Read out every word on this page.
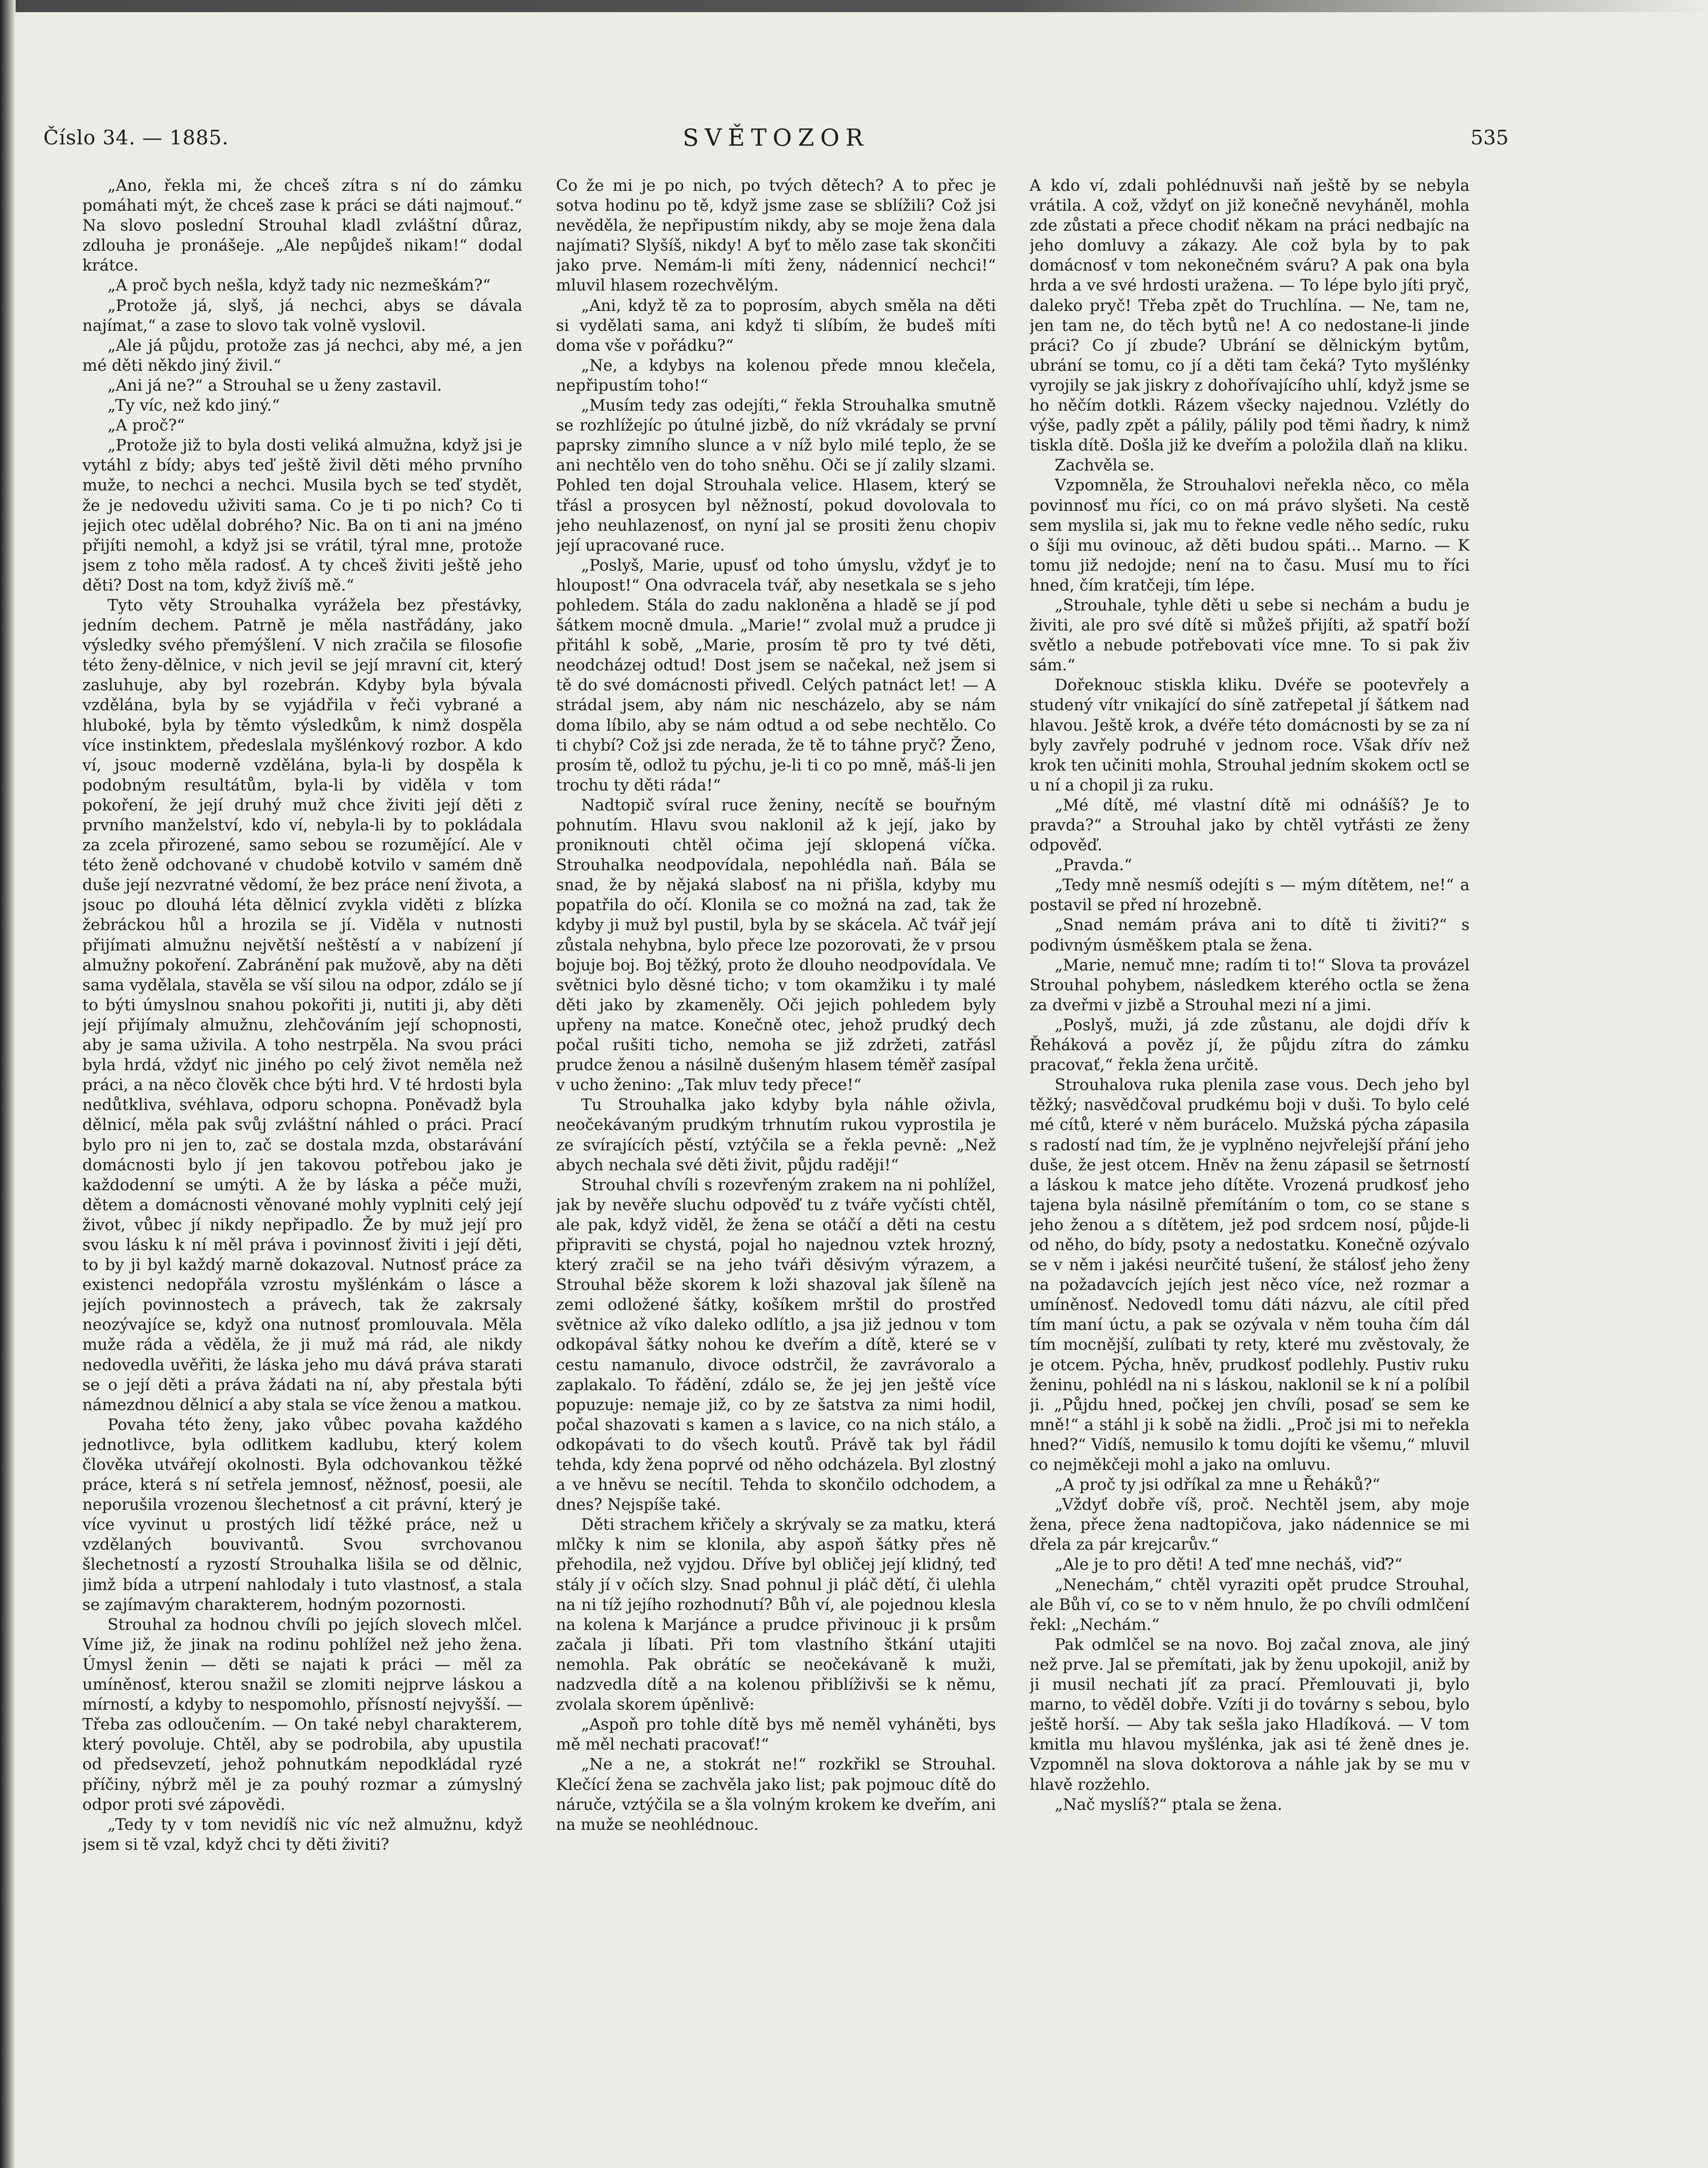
Číslo 34. — 1885.	SVĚTOZOR	535

„Ano, řekla mi, že chceš zítra s ní do zámku pomáhati mýt, že chceš zase k práci se dáti najmouť.“ Na slovo poslední Strouhal kladl zvláštní důraz, zdlouha je pronášeje. „Ale nepůjdeš nikam!“ dodal krátce.

„A proč bych nešla, když tady nic nezmeškám?“

„Protože já, slyš, já nechci, abys se dávala najímat,“ a zase to slovo tak volně vyslovil.

„Ale já půjdu, protože zas já nechci, aby mé, a jen mé děti někdo jiný živil.“

„Ani já ne?“ a Strouhal se u ženy zastavil.

„Ty víc, než kdo jiný.“

„A proč?“

„Protože již to byla dosti veliká almužna, když jsi je vytáhl z bídy; abys teď ještě živil děti mého prvního muže, to nechci a nechci. Musila bych se teď stydět, že je nedovedu uživiti sama. Co je ti po nich? Co ti jejich otec udělal dobrého? Nic. Ba on ti ani na jméno přijíti nemohl, a když jsi se vrátil, týral mne, protože jsem z toho měla radosť. A ty chceš živiti ještě jeho děti? Dost na tom, když živíš mě.“

Tyto věty Strouhalka vyrážela bez přestávky, jedním dechem. Patrně je měla nastřádány, jako výsledky svého přemýšlení. V nich zračila se filosofie této ženy-dělnice, v nich jevil se její mravní cit, který zasluhuje, aby byl rozebrán. Kdyby byla bývala vzdělána, byla by se vyjádřila v řeči vybrané a hluboké, byla by těmto výsledkům, k nimž dospěla více instinktem, předeslala myšlénkový rozbor. A kdo ví, jsouc moderně vzdělána, byla-li by dospěla k podobným resultátům, byla-li by viděla v tom pokoření, že její druhý muž chce živiti její děti z prvního manželství, kdo ví, nebyla-li by to pokládala za zcela přirozené, samo sebou se rozumějící. Ale v této ženě odchované v chudobě kotvilo v samém dně duše její nezvratné vědomí, že bez práce není života, a jsouc po dlouhá léta dělnicí zvykla viděti z blízka žebráckou hůl a hrozila se jí. Viděla v nutnosti přijímati almužnu největší neštěstí a v nabízení jí almužny pokoření. Zabránění pak mužově, aby na děti sama vydělala, stavěla se vší silou na odpor, zdálo se jí to býti úmyslnou snahou pokořiti ji, nutiti ji, aby děti její přijímaly almužnu, zlehčováním její schopnosti, aby je sama uživila. A toho nestrpěla. Na svou práci byla hrdá, vždyť nic jiného po celý život neměla než práci, a na něco člověk chce býti hrd. V té hrdosti byla nedůtkliva, svéhlava, odporu schopna. Poněvadž byla dělnicí, měla pak svůj zvláštní náhled o práci. Prací bylo pro ni jen to, zač se dostala mzda, obstarávání domácnosti bylo jí jen takovou potřebou jako je každodenní se umýti. A že by láska a péče muži, dětem a domácnosti věnované mohly vyplniti celý její život, vůbec jí nikdy nepřipadlo. Že by muž její pro svou lásku k ní měl práva i povinnosť živiti i její děti, to by ji byl každý marně dokazoval. Nutnosť práce za existenci nedopřála vzrostu myšlénkám o lásce a jejích povinnostech a právech, tak že zakrsaly neozývajíce se, když ona nutnosť promlouvala. Měla muže ráda a věděla, že ji muž má rád, ale nikdy nedovedla uvěřiti, že láska jeho mu dává práva starati se o její děti a práva žádati na ní, aby přestala býti námezdnou dělnicí a aby stala se více ženou a matkou.

Povaha této ženy, jako vůbec povaha každého jednotlivce, byla odlitkem kadlubu, který kolem člověka utvářejí okolnosti. Byla odchovankou těžké práce, která s ní setřela jemnosť, něžnosť, poesii, ale neporušila vrozenou šlechetnosť a cit právní, který je více vyvinut u prostých lidí těžké práce, než u vzdělaných bouvivantů. Svou svrchovanou šlechetností a ryzostí Strouhalka lišila se od dělnic, jimž bída a utrpení nahlodaly i tuto vlastnosť, a stala se zajímavým charakterem, hodným pozornosti.

Strouhal za hodnou chvíli po jejích slovech mlčel. Víme již, že jinak na rodinu pohlížel než jeho žena. Úmysl ženin — děti se najati k práci — měl za umíněnosť, kterou snažil se zlomiti nejprve láskou a mírností, a kdyby to nespomohlo, přísností nejvyšší. — Třeba zas odloučením. — On také nebyl charakterem, který povoluje. Chtěl, aby se podrobila, aby upustila od předsevzetí, jehož pohnutkám nepodkládal ryzé příčiny, nýbrž měl je za pouhý rozmar a zúmyslný odpor proti své zápovědi.

„Tedy ty v tom nevidíš nic víc než almužnu, když jsem si tě vzal, když chci ty děti živiti?

Co že mi je po nich, po tvých dětech? A to přec je sotva hodinu po tě, když jsme zase se sblížili? Což jsi nevěděla, že nepřipustím nikdy, aby se moje žena dala najímati? Slyšíš, nikdy! A byť to mělo zase tak skončiti jako prve. Nemám-li míti ženy, nádennicí nechci!“ mluvil hlasem rozechvělým.

„Ani, když tě za to poprosím, abych směla na děti si vydělati sama, ani když ti slíbím, že budeš míti doma vše v pořádku?“

„Ne, a kdybys na kolenou přede mnou klečela, nepřipustím toho!“

„Musím tedy zas odejíti,“ řekla Strouhalka smutně se rozhlížejíc po útulné jizbě, do níž vkrádaly se první paprsky zimního slunce a v níž bylo milé teplo, že se ani nechtělo ven do toho sněhu. Oči se jí zalily slzami. Pohled ten dojal Strouhala velice. Hlasem, který se třásl a prosycen byl něžností, pokud dovolovala to jeho neuhlazenosť, on nyní jal se prositi ženu chopiv její upracované ruce.

„Poslyš, Marie, upusť od toho úmyslu, vždyť je to hloupost!“ Ona odvracela tvář, aby nesetkala se s jeho pohledem. Stála do zadu nakloněna a hladě se jí pod šátkem mocně dmula. „Marie!“ zvolal muž a prudce ji přitáhl k sobě, „Marie, prosím tě pro ty tvé děti, neodcházej odtud! Dost jsem se načekal, než jsem si tě do své domácnosti přivedl. Celých patnáct let! — A strádal jsem, aby nám nic nescházelo, aby se nám doma líbilo, aby se nám odtud a od sebe nechtělo. Co ti chybí? Což jsi zde nerada, že tě to táhne pryč? Ženo, prosím tě, odlož tu pýchu, je-li ti co po mně, máš-li jen trochu ty děti ráda!“

Nadtopič svíral ruce ženiny, necítě se bouřným pohnutím. Hlavu svou naklonil až k její, jako by proniknouti chtěl očima její sklopená víčka. Strouhalka neodpovídala, nepohlédla naň. Bála se snad, že by nějaká slabosť na ni přišla, kdyby mu popatřila do očí. Klonila se co možná na zad, tak že kdyby ji muž byl pustil, byla by se skácela. Ač tvář její zůstala nehybna, bylo přece lze pozorovati, že v prsou bojuje boj. Boj těžký, proto že dlouho neodpovídala. Ve světnici bylo děsné ticho; v tom okamžiku i ty malé děti jako by zkameněly. Oči jejich pohledem byly upřeny na matce. Konečně otec, jehož prudký dech počal rušiti ticho, nemoha se již zdržeti, zatřásl prudce ženou a násilně dušeným hlasem téměř zasípal v ucho ženino: „Tak mluv tedy přece!“

Tu Strouhalka jako kdyby byla náhle oživla, neočekávaným prudkým trhnutím rukou vyprostila je ze svírajících pěstí, vztýčila se a řekla pevně: „Než abych nechala své děti živit, půjdu raději!“

Strouhal chvíli s rozevřeným zrakem na ni pohlížel, jak by nevěře sluchu odpověď tu z tváře vyčísti chtěl, ale pak, když viděl, že žena se otáčí a děti na cestu připraviti se chystá, pojal ho najednou vztek hrozný, který zračil se na jeho tváři děsivým výrazem, a Strouhal běže skorem k loži shazoval jak šíleně na zemi odložené šátky, košíkem mrštil do prostřed světnice až víko daleko odlítlo, a jsa již jednou v tom odkopával šátky nohou ke dveřím a dítě, které se v cestu namanulo, divoce odstrčil, že zavrávoralo a zaplakalo. To řádění, zdálo se, že jej jen ještě více popuzuje: nemaje již, co by ze šatstva za nimi hodil, počal shazovati s kamen a s lavice, co na nich stálo, a odkopávati to do všech koutů. Právě tak byl řádil tehda, kdy žena poprvé od něho odcházela. Byl zlostný a ve hněvu se necítil. Tehda to skončilo odchodem, a dnes? Nejspíše také.

Děti strachem křičely a skrývaly se za matku, která mlčky k nim se klonila, aby aspoň šátky přes ně přehodila, než vyjdou. Dříve byl obličej její klidný, teď stály jí v očích slzy. Snad pohnul ji pláč dětí, či ulehla na ni tíž jejího rozhodnutí? Bůh ví, ale pojednou klesla na kolena k Marjánce a prudce přivinouc ji k prsům začala ji líbati. Při tom vlastního štkání utajiti nemohla. Pak obrátíc se neočekávaně k muži, nadzvedla dítě a na kolenou přiblíživši se k němu, zvolala skorem úpěnlivě:

„Aspoň pro tohle dítě bys mě neměl vyháněti, bys mě měl nechati pracovať!“

„Ne a ne, a stokrát ne!“ rozkřikl se Strouhal. Klečící žena se zachvěla jako list; pak pojmouc dítě do náruče, vztýčila se a šla volným krokem ke dveřím, ani na muže se neohlédnouc.

A kdo ví, zdali pohlédnuvši naň ještě by se nebyla vrátila. A což, vždyť on již konečně nevyháněl, mohla zde zůstati a přece chodiť někam na práci nedbajíc na jeho domluvy a zákazy. Ale což byla by to pak domácnosť v tom nekonečném sváru? A pak ona byla hrda a ve své hrdosti uražena. — To lépe bylo jíti pryč, daleko pryč! Třeba zpět do Truchlína. — Ne, tam ne, jen tam ne, do těch bytů ne! A co nedostane-li jinde práci? Co jí zbude? Ubrání se dělnickým bytům, ubrání se tomu, co jí a děti tam čeká? Tyto myšlénky vyrojily se jak jiskry z dohořívajícího uhlí, když jsme se ho něčím dotkli. Rázem všecky najednou. Vzlétly do výše, padly zpět a pálily, pálily pod těmi ňadry, k nimž tiskla dítě. Došla již ke dveřím a položila dlaň na kliku.

Zachvěla se.

Vzpomněla, že Strouhalovi neřekla něco, co měla povinnosť mu říci, co on má právo slyšeti. Na cestě sem myslila si, jak mu to řekne vedle něho sedíc, ruku o šíji mu ovinouc, až děti budou spáti... Marno. — K tomu již nedojde; není na to času. Musí mu to říci hned, čím kratčeji, tím lépe.

„Strouhale, tyhle děti u sebe si nechám a budu je živiti, ale pro své dítě si můžeš přijíti, až spatří boží světlo a nebude potřebovati více mne. To si pak živ sám.“

Dořeknouc stiskla kliku. Dvéře se pootevřely a studený vítr vnikající do síně zatřepetal jí šátkem nad hlavou. Ještě krok, a dvéře této domácnosti by se za ní byly zavřely podruhé v jednom roce. Však dřív než krok ten učiniti mohla, Strouhal jedním skokem octl se u ní a chopil ji za ruku.

„Mé dítě, mé vlastní dítě mi odnášíš? Je to pravda?“ a Strouhal jako by chtěl vytřásti ze ženy odpověď.

„Pravda.“

„Tedy mně nesmíš odejíti s — mým dítětem, ne!“ a postavil se před ní hrozebně.

„Snad nemám práva ani to dítě ti živiti?“ s podivným úsměškem ptala se žena.

„Marie, nemuč mne; radím ti to!“ Slova ta provázel Strouhal pohybem, následkem kterého octla se žena za dveřmi v jizbě a Strouhal mezi ní a jimi.

„Poslyš, muži, já zde zůstanu, ale dojdi dřív k Řeháková a pověz jí, že půjdu zítra do zámku pracovať,“ řekla žena určitě.

Strouhalova ruka plenila zase vous. Dech jeho byl těžký; nasvědčoval prudkému boji v duši. To bylo celé mé cítů, které v něm burácelo. Mužská pýcha zápasila s radostí nad tím, že je vyplněno nejvřelejší přání jeho duše, že jest otcem. Hněv na ženu zápasil se šetrností a láskou k matce jeho dítěte. Vrozená prudkosť jeho tajena byla násilně přemítáním o tom, co se stane s jeho ženou a s dítětem, jež pod srdcem nosí, půjde-li od něho, do bídy, psoty a nedostatku. Konečně ozývalo se v něm i jakési neurčité tušení, že stálosť jeho ženy na požadavcích jejích jest něco více, než rozmar a umíněnosť. Nedovedl tomu dáti názvu, ale cítil před tím maní úctu, a pak se ozývala v něm touha čím dál tím mocnější, zulíbati ty rety, které mu zvěstovaly, že je otcem. Pýcha, hněv, prudkosť podlehly. Pustiv ruku ženinu, pohlédl na ni s láskou, naklonil se k ní a políbil ji. „Půjdu hned, počkej jen chvíli, posaď se sem ke mně!“ a stáhl ji k sobě na židli. „Proč jsi mi to neřekla hned?“ Vidíš, nemusilo k tomu dojíti ke všemu,“ mluvil co nejměkčeji mohl a jako na omluvu.

„A proč ty jsi odříkal za mne u Řeháků?“

„Vždyť dobře víš, proč. Nechtěl jsem, aby moje žena, přece žena nadtopičova, jako nádennice se mi dřela za pár krejcarův.“

„Ale je to pro děti! A teď mne necháš, viď?“

„Nenechám,“ chtěl vyraziti opět prudce Strouhal, ale Bůh ví, co se to v něm hnulo, že po chvíli odmlčení řekl: „Nechám.“

Pak odmlčel se na novo. Boj začal znova, ale jiný než prve. Jal se přemítati, jak by ženu upokojil, aniž by ji musil nechati jíť za prací. Přemlouvati ji, bylo marno, to věděl dobře. Vzíti ji do továrny s sebou, bylo ještě horší. — Aby tak sešla jako Hladíková. — V tom kmitla mu hlavou myšlénka, jak asi té ženě dnes je. Vzpomněl na slova doktorova a náhle jak by se mu v hlavě rozžehlo.

„Nač myslíš?“ ptala se žena.
